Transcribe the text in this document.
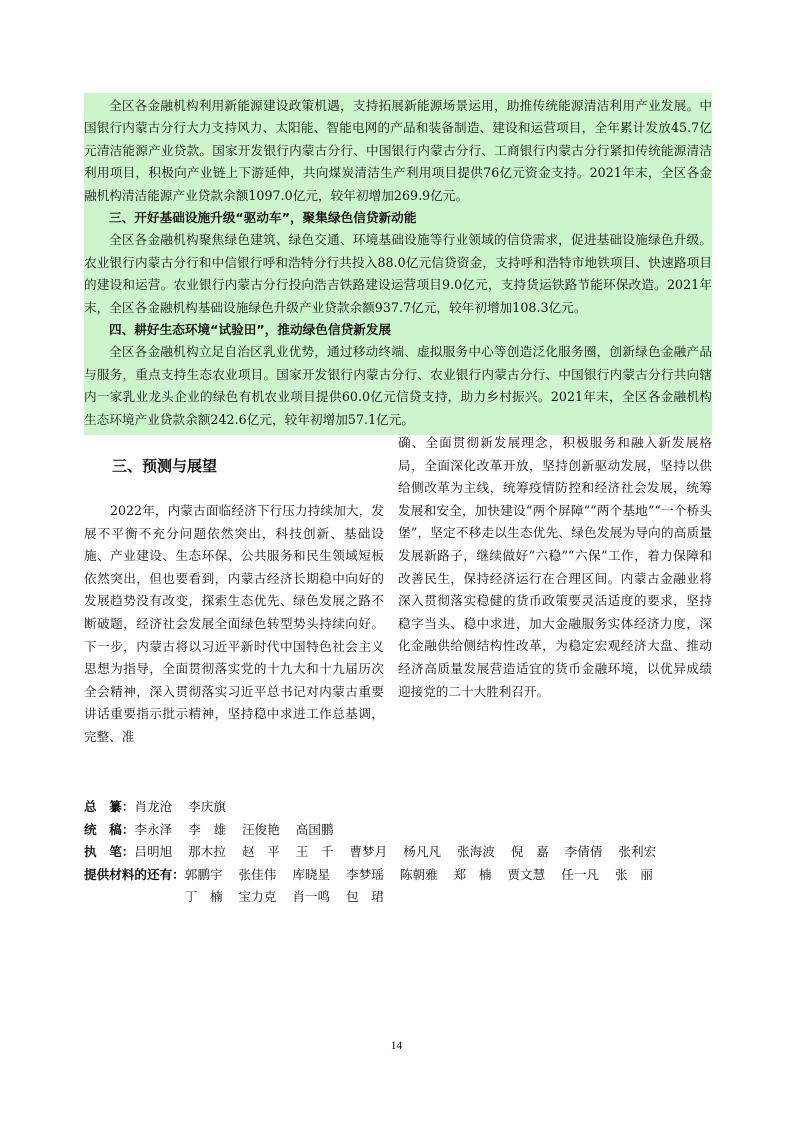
全区各金融机构利用新能源建设政策机遇，支持拓展新能源场景运用，助推传统能源清洁利用产业发展。中国银行内蒙古分行大力支持风力、太阳能、智能电网的产品和装备制造、建设和运营项目，全年累计发放45.7亿元清洁能源产业贷款。国家开发银行内蒙古分行、中国银行内蒙古分行、工商银行内蒙古分行紧扣传统能源清洁利用项目，积极向产业链上下游延伸，共向煤炭清洁生产利用项目提供76亿元资金支持。2021年末，全区各金融机构清洁能源产业贷款余额1097.0亿元，较年初增加269.9亿元。

三、开好基础设施升级“驱动车”，聚集绿色信贷新动能

全区各金融机构聚焦绿色建筑、绿色交通、环境基础设施等行业领域的信贷需求，促进基础设施绿色升级。农业银行内蒙古分行和中信银行呼和浩特分行共投入88.0亿元信贷资金，支持呼和浩特市地铁项目、快速路项目的建设和运营。农业银行内蒙古分行投向浩吉铁路建设运营项目9.0亿元，支持货运铁路节能环保改造。2021年末，全区各金融机构基础设施绿色升级产业贷款余额937.7亿元，较年初增加108.3亿元。

四、耕好生态环境“试验田”，推动绿色信贷新发展

全区各金融机构立足自治区乳业优势，通过移动终端、虚拟服务中心等创造泛化服务圈，创新绿色金融产品与服务，重点支持生态农业项目。国家开发银行内蒙古分行、农业银行内蒙古分行、中国银行内蒙古分行共向辖内一家乳业龙头企业的绿色有机农业项目提供60.0亿元信贷支持，助力乡村振兴。2021年末，全区各金融机构生态环境产业贷款余额242.6亿元，较年初增加57.1亿元。

三、预测与展望

2022年，内蒙古面临经济下行压力持续加大，发展不平衡不充分问题依然突出，科技创新、基础设施、产业建设、生态环保、公共服务和民生领域短板依然突出，但也要看到，内蒙古经济长期稳中向好的发展趋势没有改变，探索生态优先、绿色发展之路不断破题，经济社会发展全面绿色转型势头持续向好。下一步，内蒙古将以习近平新时代中国特色社会主义思想为指导，全面贯彻落实党的十九大和十九届历次全会精神，深入贯彻落实习近平总书记对内蒙古重要讲话重要指示批示精神，坚持稳中求进工作总基调，完整、准

确、全面贯彻新发展理念，积极服务和融入新发展格局，全面深化改革开放，坚持创新驱动发展，坚持以供给侧改革为主线，统筹疫情防控和经济社会发展，统筹发展和安全，加快建设“两个屏障”“两个基地”“一个桥头堡”，坚定不移走以生态优先、绿色发展为导向的高质量发展新路子，继续做好“六稳”“六保”工作，着力保障和改善民生，保持经济运行在合理区间。内蒙古金融业将深入贯彻落实稳健的货币政策要灵活适度的要求，坚持稳字当头、稳中求进，加大金融服务实体经济力度，深化金融供给侧结构性改革，为稳定宏观经济大盘、推动经济高质量发展营造适宜的货币金融环境，以优异成绩迎接党的二十大胜利召开。

总　纂： 肖龙沧 李庆旗
统　稿： 李永泽 李　雄 汪俊艳 高国鹏
执　笔： 吕明旭 那木拉 赵　平 王　千 曹梦月 杨凡凡 张海波 倪　嘉 李倩倩 张利宏
提供材料的还有： 郭鹏宇 张佳伟 库晓星 李梦瑶 陈朝雅 郑　楠 贾文慧 任一凡 张　丽
丁　楠 宝力克 肖一鸣 包　珺
14
